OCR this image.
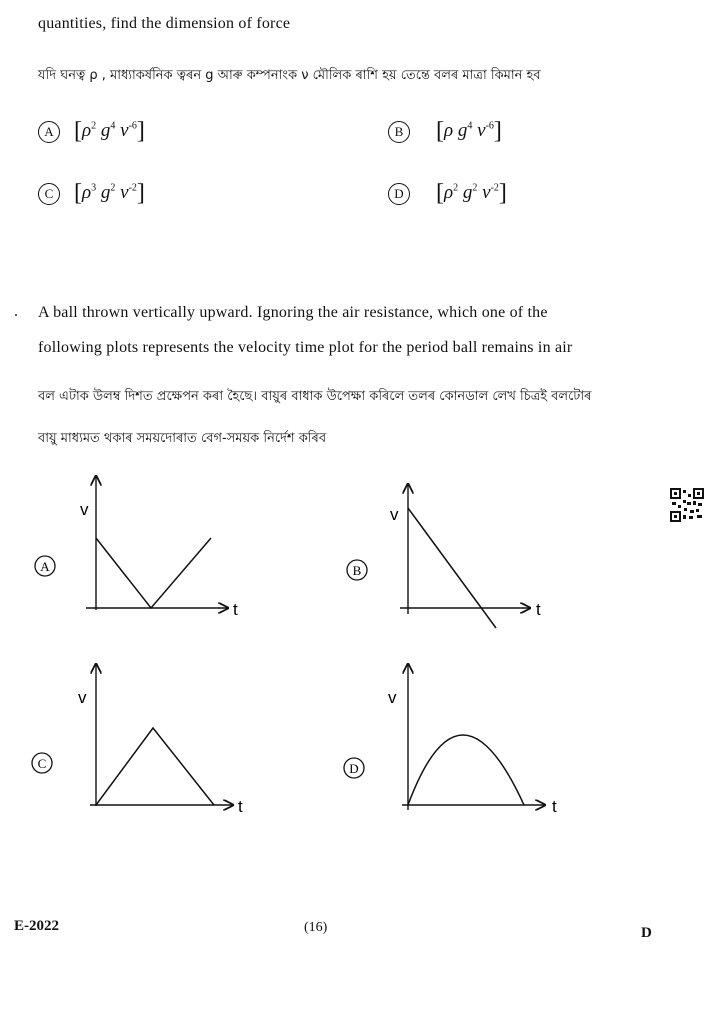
quantities, find the dimension of force
যদি ঘনত্ব ρ , মাধ্যাকৰ্ষনিক ত্বৰন g আৰু কম্পনাংক ν মৌলিক ৰাশি হয় তেন্তে বলৰ মাত্ৰা কিমান হব
A [$\rho^2$ $g^4$ $\nu^{-6}$]	B [ρ $g^4$ $\nu^{-6}$]
C [$\rho^3$ $g^2$ $\nu^{-2}$]	D [$\rho^2$ $g^2$ $\nu^{-2}$]
. A ball thrown vertically upward. Ignoring the air resistance, which one of the
following plots represents the velocity time plot for the period ball remains in air
বল এটাক উলম্ব দিশত প্ৰক্ষেপন কৰা হৈছে। বায়ুৰ বাধাক উপেক্ষা কৰিলে তলৰ কোনডাল লেখ চিত্ৰই বলটোৰ
বায়ু মাধ্যমত থকাৰ সময়দোৰাত বেগ-সময়ক নিৰ্দেশ কৰিব
A
v
t
B
v
t
C
v
t
D
v
t
E-2022	(16)	D
